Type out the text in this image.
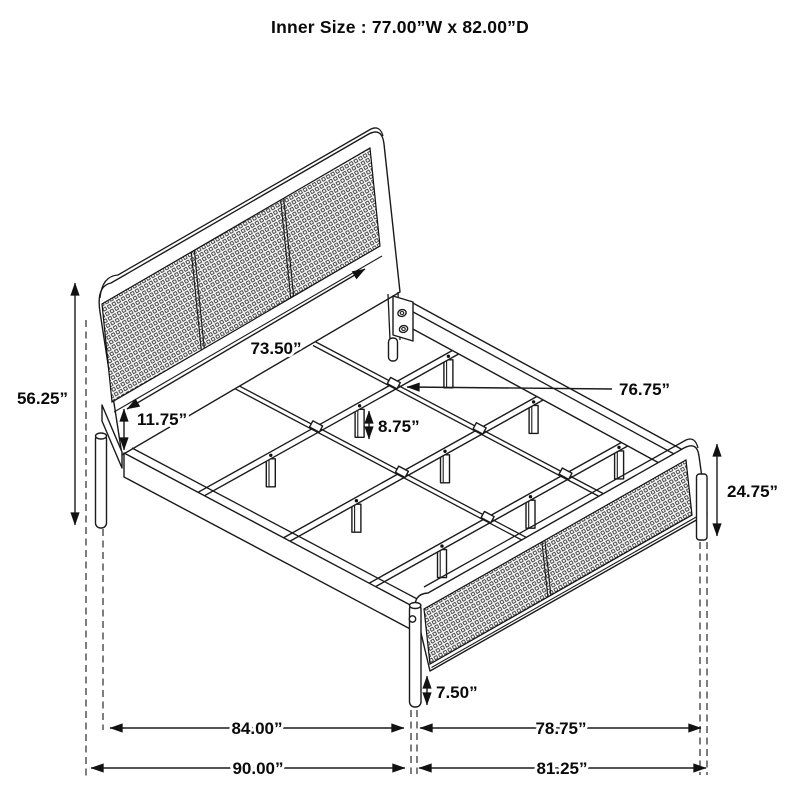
56.25”
73.50”
11.75”	8.75”
76.75”
24.75”
7.50”
84.00”	78.75”
90.00”	81.25”
Inner Size : 77.00”W x 82.00”D
